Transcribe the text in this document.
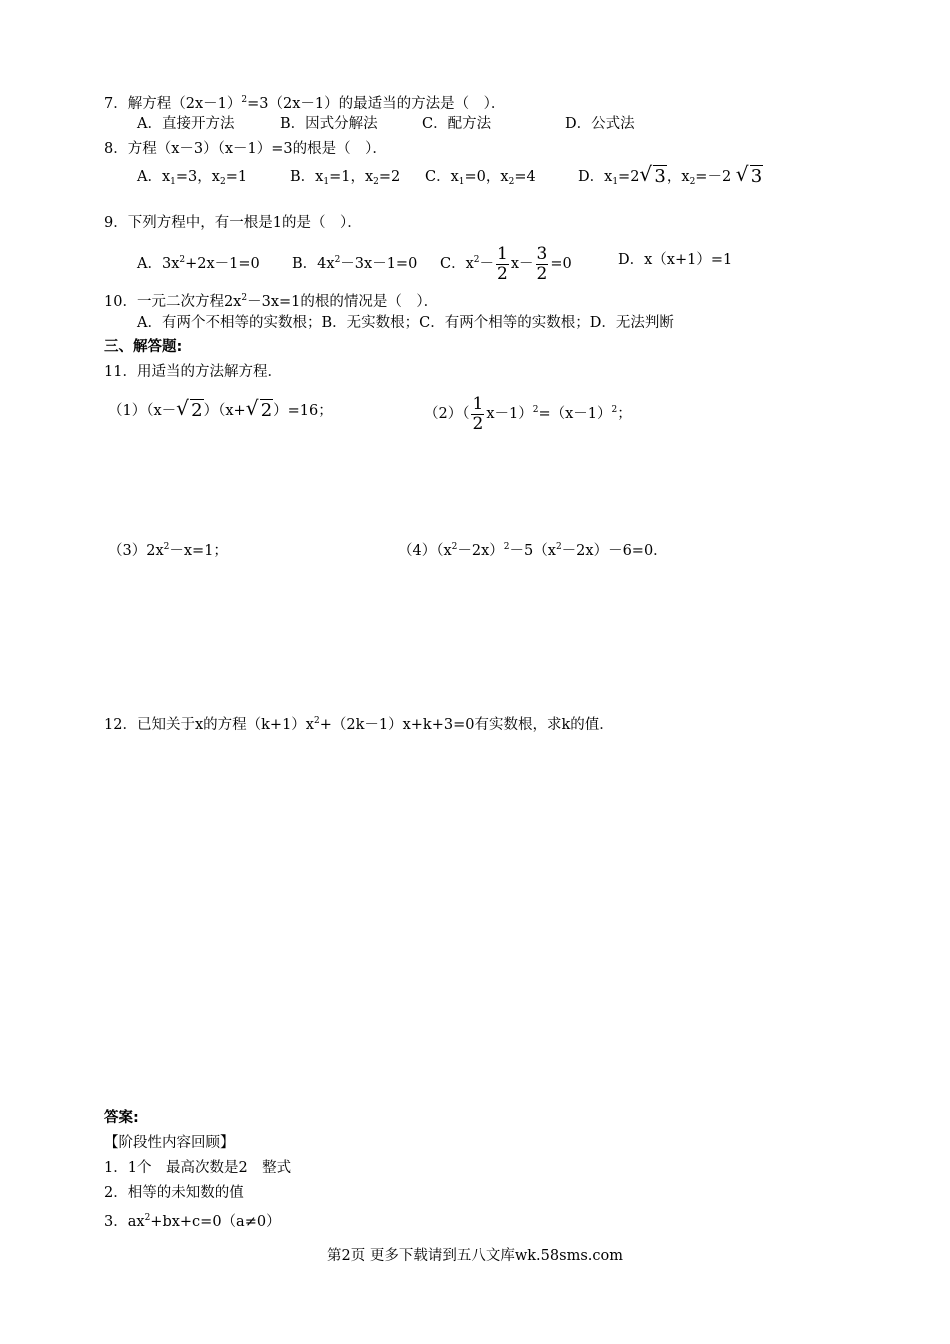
7．解方程$(2x-1)^2=3(2x-1)$的最适当的方法是（　）．
A．直接开方法	B．因式分解法	C．配方法	D．公式法
8．方程（x－3）（x－1）=3的根是（　）．
A．$x_1=3$，$x_2=1$	B．$x_1=1$，$x_2=2$ C．$x_1=0$，$x_2=4$	D．$x_1=2$ √ 3，$x_2=-2$ √ 3
9．下列方程中，有一根是1的是（　）．
A．$3x^2+2x-1=0$ B．$4x^2-3x-1=0$ C．$x^2- \frac{1}{2} x- \frac{3}{2} =0$	D．x（x+1）=1
10．一元二次方程$2x^2-3x=1$的根的情况是（　）．
A．有两个不相等的实数根；B．无实数根；C．有两个相等的实数根；D．无法判断
三、解答题:
11．用适当的方法解方程．
（1）（x－ √ 2）（x+ √ 2）=16；	$(2)( \frac{1}{2} x-1)^2=(x-1)^2$；
$(3)2x^2-x=1$；	$(4)(x^2-2x)^2-5(x^2-2x)-6=0$．
12．已知关于x的方程$(k+1)x^2+(2k-1)x+k+3=0$有实数根，求k的值．
答案:
【阶段性内容回顾】
1．1个　最高次数是2　整式
2．相等的未知数的值
3．$ax^2+bx+c=0(a\ne 0)$
第2页 更多下载请到五八文库wk.58sms.com
